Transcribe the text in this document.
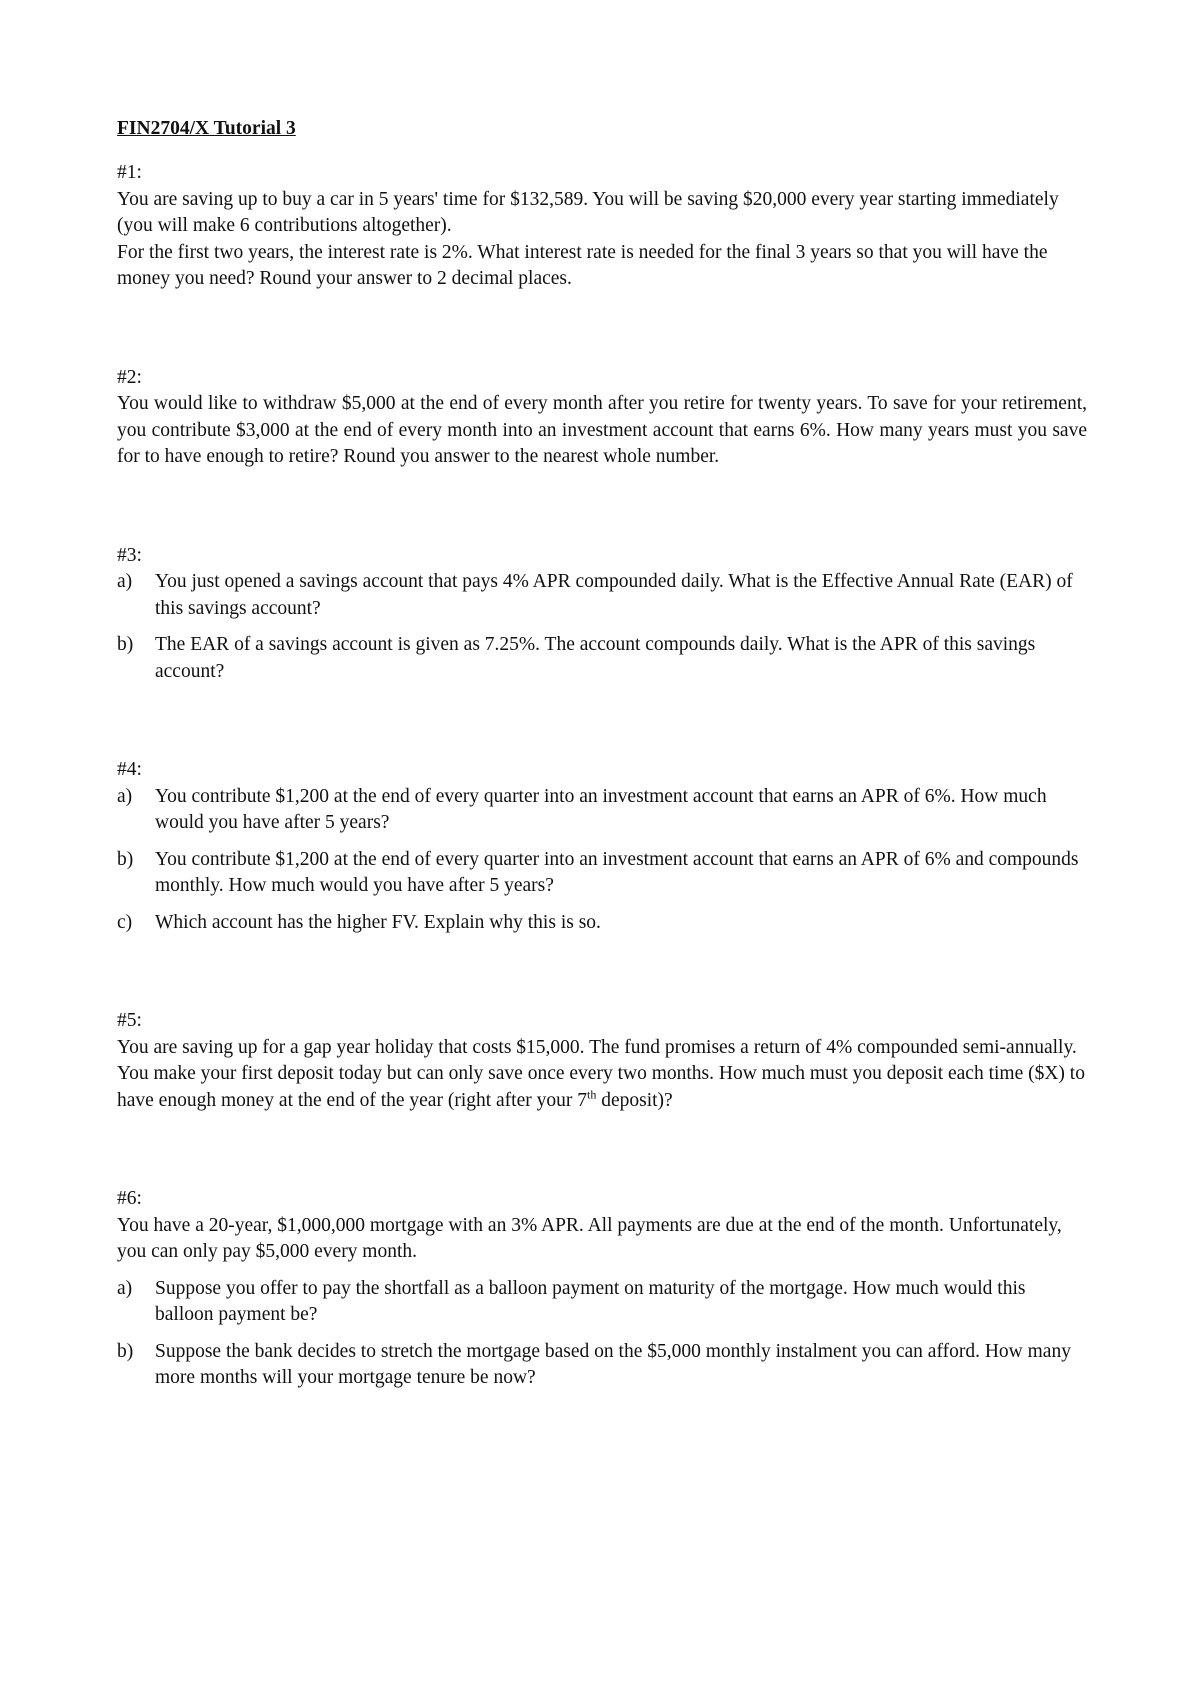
FIN2704/X Tutorial 3
#1:
You are saving up to buy a car in 5 years' time for $132,589. You will be saving $20,000 every year starting immediately (you will make 6 contributions altogether).
For the first two years, the interest rate is 2%. What interest rate is needed for the final 3 years so that you will have the money you need? Round your answer to 2 decimal places.
#2:
You would like to withdraw $5,000 at the end of every month after you retire for twenty years. To save for your retirement, you contribute $3,000 at the end of every month into an investment account that earns 6%. How many years must you save for to have enough to retire? Round you answer to the nearest whole number.
#3:
a)	You just opened a savings account that pays 4% APR compounded daily. What is the Effective Annual Rate (EAR) of this savings account?
b)	The EAR of a savings account is given as 7.25%. The account compounds daily. What is the APR of this savings account?
#4:
a)	You contribute $1,200 at the end of every quarter into an investment account that earns an APR of 6%. How much would you have after 5 years?
b)	You contribute $1,200 at the end of every quarter into an investment account that earns an APR of 6% and compounds monthly. How much would you have after 5 years?
c)	Which account has the higher FV. Explain why this is so.
#5:
You are saving up for a gap year holiday that costs $15,000. The fund promises a return of 4% compounded semi-annually. You make your first deposit today but can only save once every two months. How much must you deposit each time ($X) to have enough money at the end of the year (right after your 7th deposit)?
#6:
You have a 20-year, $1,000,000 mortgage with an 3% APR. All payments are due at the end of the month. Unfortunately, you can only pay $5,000 every month.
a)	Suppose you offer to pay the shortfall as a balloon payment on maturity of the mortgage. How much would this balloon payment be?
b)	Suppose the bank decides to stretch the mortgage based on the $5,000 monthly instalment you can afford. How many more months will your mortgage tenure be now?
